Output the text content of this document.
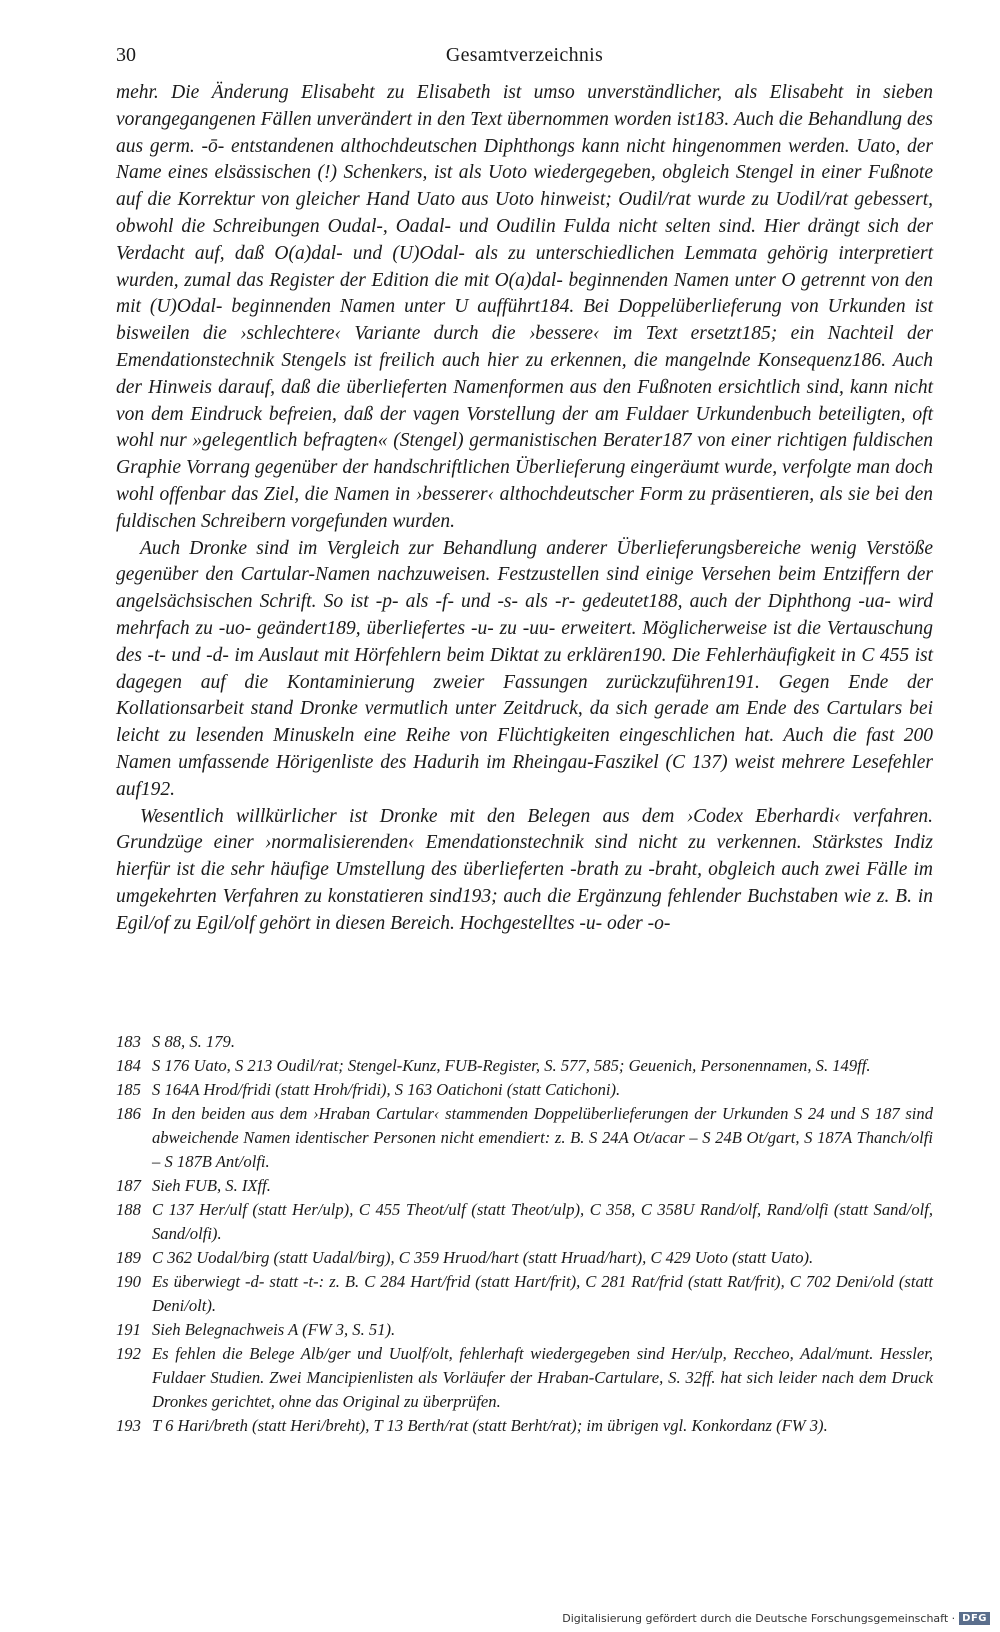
30	Gesamtverzeichnis

mehr. Die Änderung Elisabeht zu Elisabeth ist umso unverständlicher, als Elisabeht in sieben vorangegangenen Fällen unverändert in den Text übernommen worden ist183. Auch die Behandlung des aus germ. -ō- entstandenen althochdeutschen Diphthongs kann nicht hingenommen werden. Uato, der Name eines elsässischen (!) Schenkers, ist als Uoto wiedergegeben, obgleich Stengel in einer Fußnote auf die Korrektur von gleicher Hand Uato aus Uoto hinweist; Oudil/rat wurde zu Uodil/rat gebessert, obwohl die Schreibungen Oudal-, Oadal- und Oudilin Fulda nicht selten sind. Hier drängt sich der Verdacht auf, daß O(a)dal- und (U)Odal- als zu unterschiedlichen Lemmata gehörig interpretiert wurden, zumal das Register der Edition die mit O(a)dal- beginnenden Namen unter O getrennt von den mit (U)Odal- beginnenden Namen unter U aufführt184. Bei Doppelüberlieferung von Urkunden ist bisweilen die ›schlechtere‹ Variante durch die ›bessere‹ im Text ersetzt185; ein Nachteil der Emendationstechnik Stengels ist freilich auch hier zu erkennen, die mangelnde Konsequenz186. Auch der Hinweis darauf, daß die überlieferten Namenformen aus den Fußnoten ersichtlich sind, kann nicht von dem Eindruck befreien, daß der vagen Vorstellung der am Fuldaer Urkundenbuch beteiligten, oft wohl nur »gelegentlich befragten« (Stengel) germanistischen Berater187 von einer richtigen fuldischen Graphie Vorrang gegenüber der handschriftlichen Überlieferung eingeräumt wurde, verfolgte man doch wohl offenbar das Ziel, die Namen in ›besserer‹ althochdeutscher Form zu präsentieren, als sie bei den fuldischen Schreibern vorgefunden wurden.

Auch Dronke sind im Vergleich zur Behandlung anderer Überlieferungsbereiche wenig Verstöße gegenüber den Cartular-Namen nachzuweisen. Festzustellen sind einige Versehen beim Entziffern der angelsächsischen Schrift. So ist -p- als -f- und -s- als -r- gedeutet188, auch der Diphthong -ua- wird mehrfach zu -uo- geändert189, überliefertes -u- zu -uu- erweitert. Möglicherweise ist die Vertauschung des -t- und -d- im Auslaut mit Hörfehlern beim Diktat zu erklären190. Die Fehlerhäufigkeit in C 455 ist dagegen auf die Kontaminierung zweier Fassungen zurückzuführen191. Gegen Ende der Kollationsarbeit stand Dronke vermutlich unter Zeitdruck, da sich gerade am Ende des Cartulars bei leicht zu lesenden Minuskeln eine Reihe von Flüchtigkeiten eingeschlichen hat. Auch die fast 200 Namen umfassende Hörigenliste des Hadurih im Rheingau-Faszikel (C 137) weist mehrere Lesefehler auf192.

Wesentlich willkürlicher ist Dronke mit den Belegen aus dem ›Codex Eberhardi‹ verfahren. Grundzüge einer ›normalisierenden‹ Emendationstechnik sind nicht zu verkennen. Stärkstes Indiz hierfür ist die sehr häufige Umstellung des überlieferten -brath zu -braht, obgleich auch zwei Fälle im umgekehrten Verfahren zu konstatieren sind193; auch die Ergänzung fehlender Buchstaben wie z. B. in Egil/of zu Egil/olf gehört in diesen Bereich. Hochgestelltes -u- oder -o-

183 S 88, S. 179.
184 S 176 Uato, S 213 Oudil/rat; Stengel-Kunz, FUB-Register, S. 577, 585; Geuenich, Personennamen, S. 149ff.
185 S 164A Hrod/fridi (statt Hroh/fridi), S 163 Oatichoni (statt Catichoni).
186 In den beiden aus dem ›Hraban Cartular‹ stammenden Doppelüberlieferungen der Urkunden S 24 und S 187 sind abweichende Namen identischer Personen nicht emendiert: z. B. S 24A Ot/acar – S 24B Ot/gart, S 187A Thanch/olfi – S 187B Ant/olfi.
187 Sieh FUB, S. IXff.
188 C 137 Her/ulf (statt Her/ulp), C 455 Theot/ulf (statt Theot/ulp), C 358, C 358U Rand/olf, Rand/olfi (statt Sand/olf, Sand/olfi).
189 C 362 Uodal/birg (statt Uadal/birg), C 359 Hruod/hart (statt Hruad/hart), C 429 Uoto (statt Uato).
190 Es überwiegt -d- statt -t-: z. B. C 284 Hart/frid (statt Hart/frit), C 281 Rat/frid (statt Rat/frit), C 702 Deni/old (statt Deni/olt).
191 Sieh Belegnachweis A (FW 3, S. 51).
192 Es fehlen die Belege Alb/ger und Uuolf/olt, fehlerhaft wiedergegeben sind Her/ulp, Reccheo, Adal/munt. Hessler, Fuldaer Studien. Zwei Mancipienlisten als Vorläufer der Hraban-Cartulare, S. 32ff. hat sich leider nach dem Druck Dronkes gerichtet, ohne das Original zu überprüfen.
193 T 6 Hari/breth (statt Heri/breht), T 13 Berth/rat (statt Berht/rat); im übrigen vgl. Konkordanz (FW 3).
Digitalisierung gefördert durch die Deutsche Forschungsgemeinschaft · DFG
